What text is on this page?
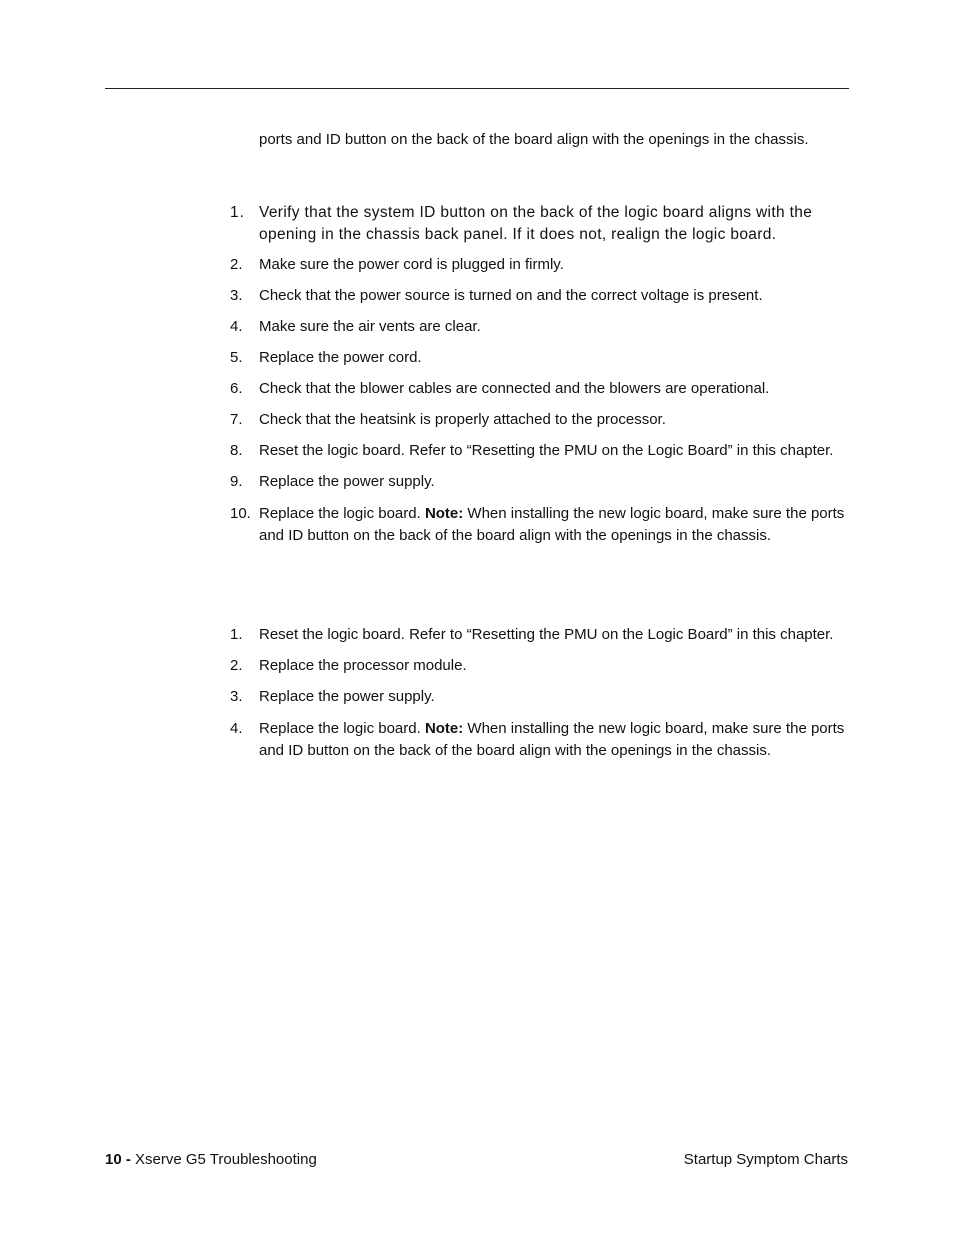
ports and ID button on the back of the board align with the openings in the chassis.

1. Verify that the system ID button on the back of the logic board aligns with the opening in the chassis back panel. If it does not, realign the logic board.
2. Make sure the power cord is plugged in firmly.
3. Check that the power source is turned on and the correct voltage is present.
4. Make sure the air vents are clear.
5. Replace the power cord.
6. Check that the blower cables are connected and the blowers are operational.
7. Check that the heatsink is properly attached to the processor.
8. Reset the logic board. Refer to “Resetting the PMU on the Logic Board” in this chapter.
9. Replace the power supply.
10. Replace the logic board. Note: When installing the new logic board, make sure the ports and ID button on the back of the board align with the openings in the chassis.
1. Reset the logic board. Refer to “Resetting the PMU on the Logic Board” in this chapter.
2. Replace the processor module.
3. Replace the power supply.
4. Replace the logic board. Note: When installing the new logic board, make sure the ports and ID button on the back of the board align with the openings in the chassis.
10 - Xserve G5 Troubleshooting	Startup Symptom Charts
